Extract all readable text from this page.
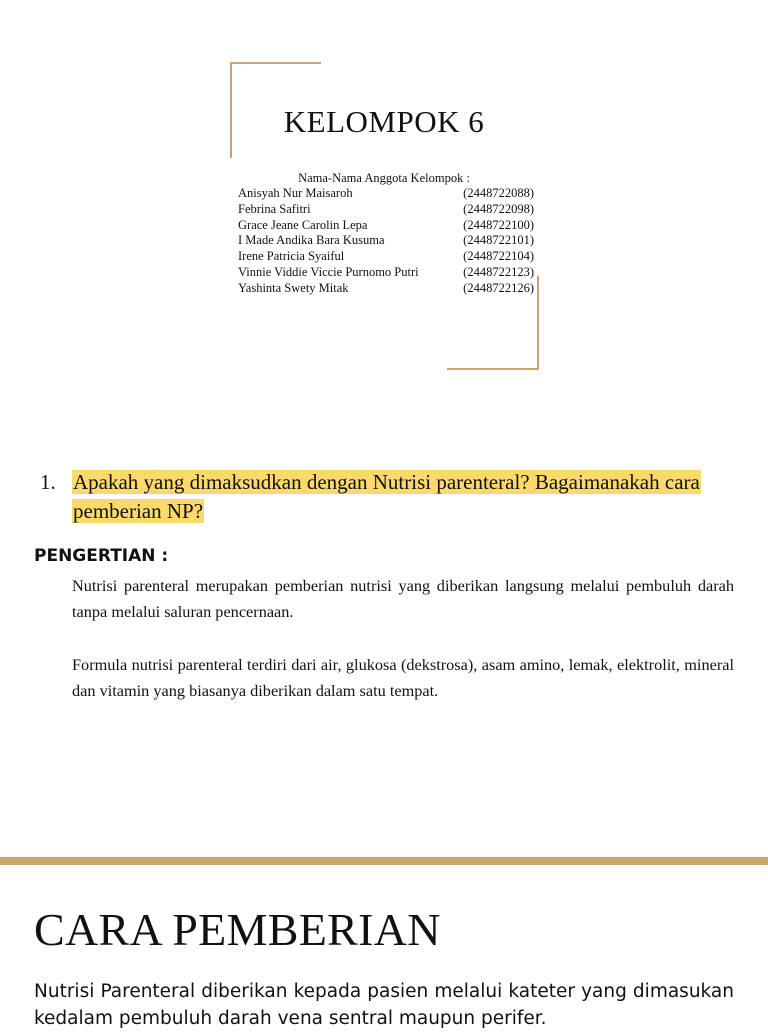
KELOMPOK 6
Nama-Nama Anggota Kelompok :
Anisyah Nur Maisaroh	(2448722088)
Febrina Safitri	(2448722098)
Grace Jeane Carolin Lepa	(2448722100)
I Made Andika Bara Kusuma	(2448722101)
Irene Patricia Syaiful	(2448722104)
Vinnie Viddie Viccie Purnomo Putri	(2448722123)
Yashinta Swety Mitak	(2448722126)
1. Apakah yang dimaksudkan dengan Nutrisi parenteral? Bagaimanakah cara pemberian NP?
PENGERTIAN :
Nutrisi parenteral merupakan pemberian nutrisi yang diberikan langsung melalui pembuluh darah tanpa melalui saluran pencernaan.
Formula nutrisi parenteral terdiri dari air, glukosa (dekstrosa), asam amino, lemak, elektrolit, mineral dan vitamin yang biasanya diberikan dalam satu tempat.
CARA PEMBERIAN
Nutrisi Parenteral diberikan kepada pasien melalui kateter yang dimasukan kedalam pembuluh darah vena sentral maupun perifer.
